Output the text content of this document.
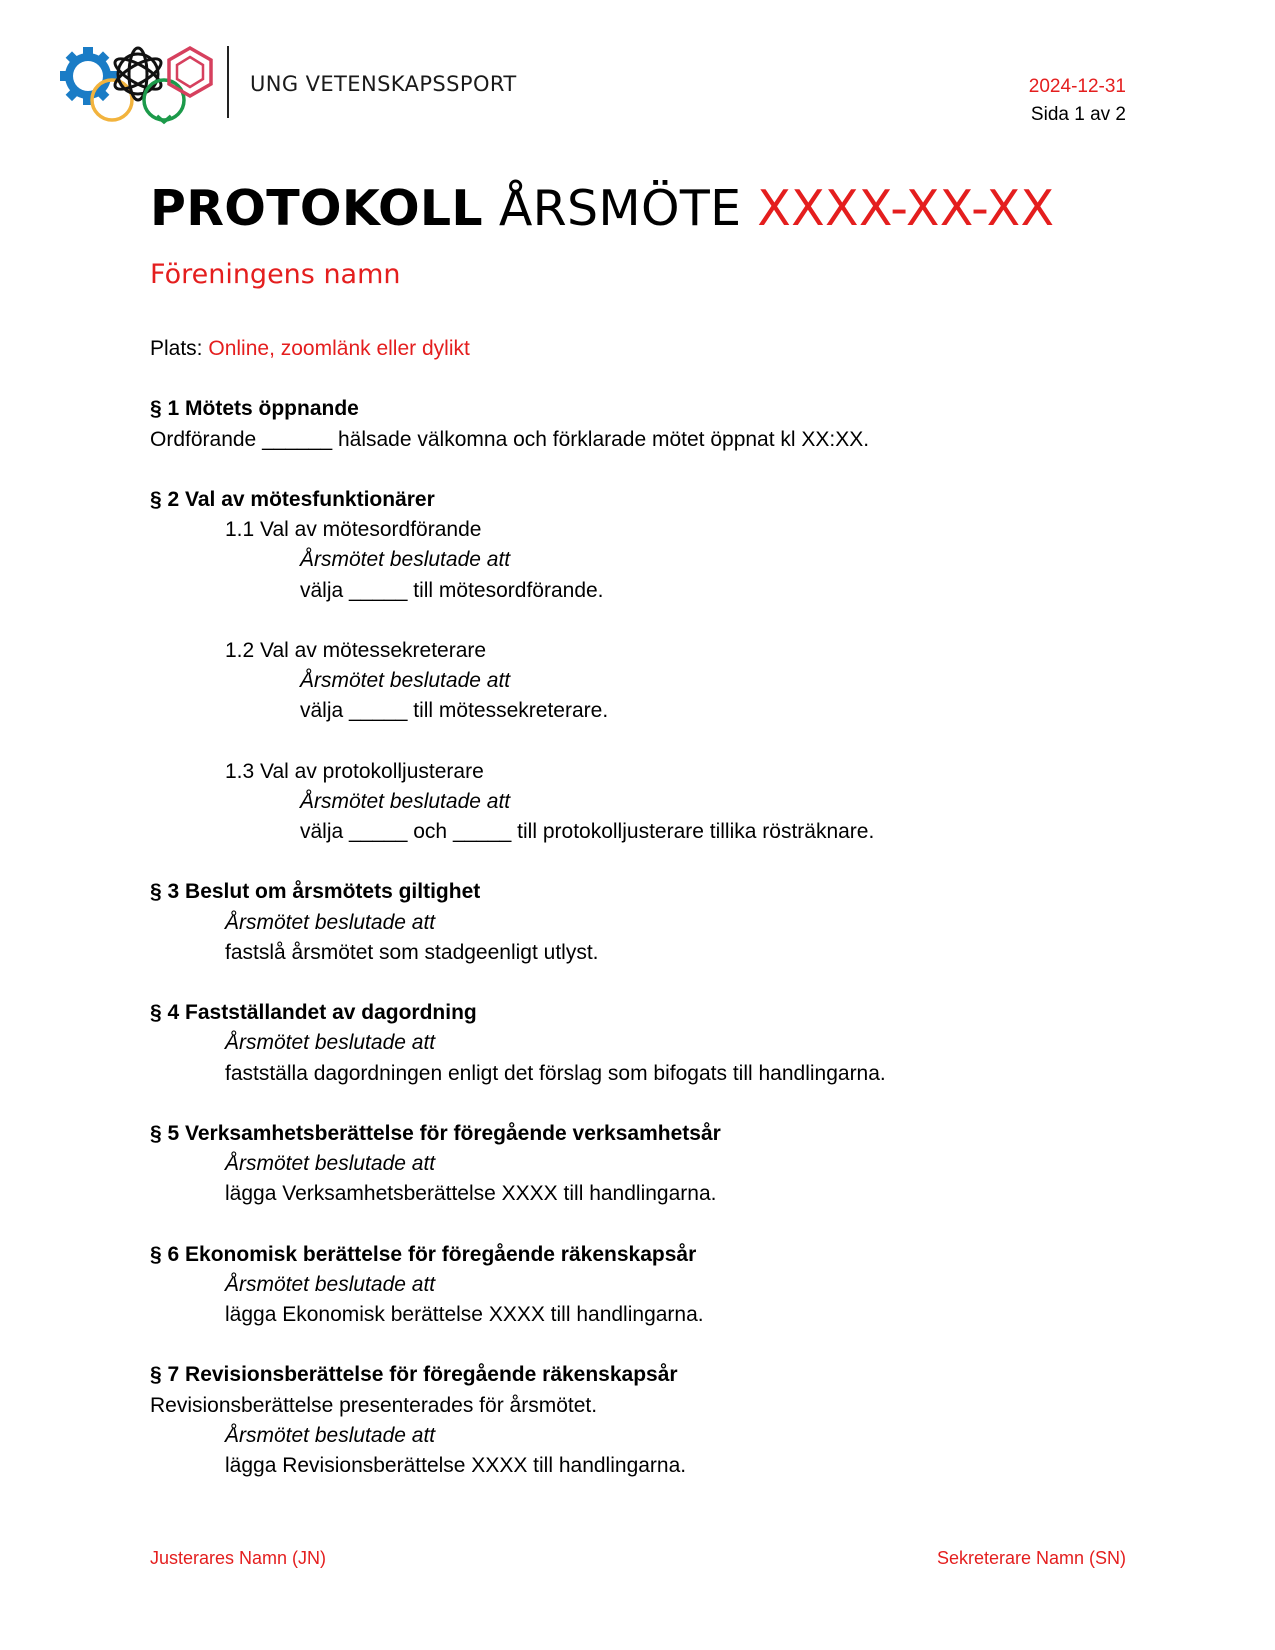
UNG VETENSKAPSSPORT	2024-12-31
Sida 1 av 2
PROTOKOLL ÅRSMÖTE XXXX-XX-XX
Föreningens namn
Plats: Online, zoomlänk eller dylikt
§ 1 Mötets öppnande
Ordförande ______ hälsade välkomna och förklarade mötet öppnat kl XX:XX.
§ 2 Val av mötesfunktionärer
1.1 Val av mötesordförande
Årsmötet beslutade att
välja _____ till mötesordförande.
1.2 Val av mötessekreterare
Årsmötet beslutade att
välja _____ till mötessekreterare.
1.3 Val av protokolljusterare
Årsmötet beslutade att
välja _____ och _____ till protokolljusterare tillika rösträknare.
§ 3 Beslut om årsmötets giltighet
Årsmötet beslutade att
fastslå årsmötet som stadgeenligt utlyst.
§ 4 Fastställandet av dagordning
Årsmötet beslutade att
fastställa dagordningen enligt det förslag som bifogats till handlingarna.
§ 5 Verksamhetsberättelse för föregående verksamhetsår
Årsmötet beslutade att
lägga Verksamhetsberättelse XXXX till handlingarna.
§ 6 Ekonomisk berättelse för föregående räkenskapsår
Årsmötet beslutade att
lägga Ekonomisk berättelse XXXX till handlingarna.
§ 7 Revisionsberättelse för föregående räkenskapsår
Revisionsberättelse presenterades för årsmötet.
Årsmötet beslutade att
lägga Revisionsberättelse XXXX till handlingarna.
Justerares Namn (JN)	Sekreterare Namn (SN)
